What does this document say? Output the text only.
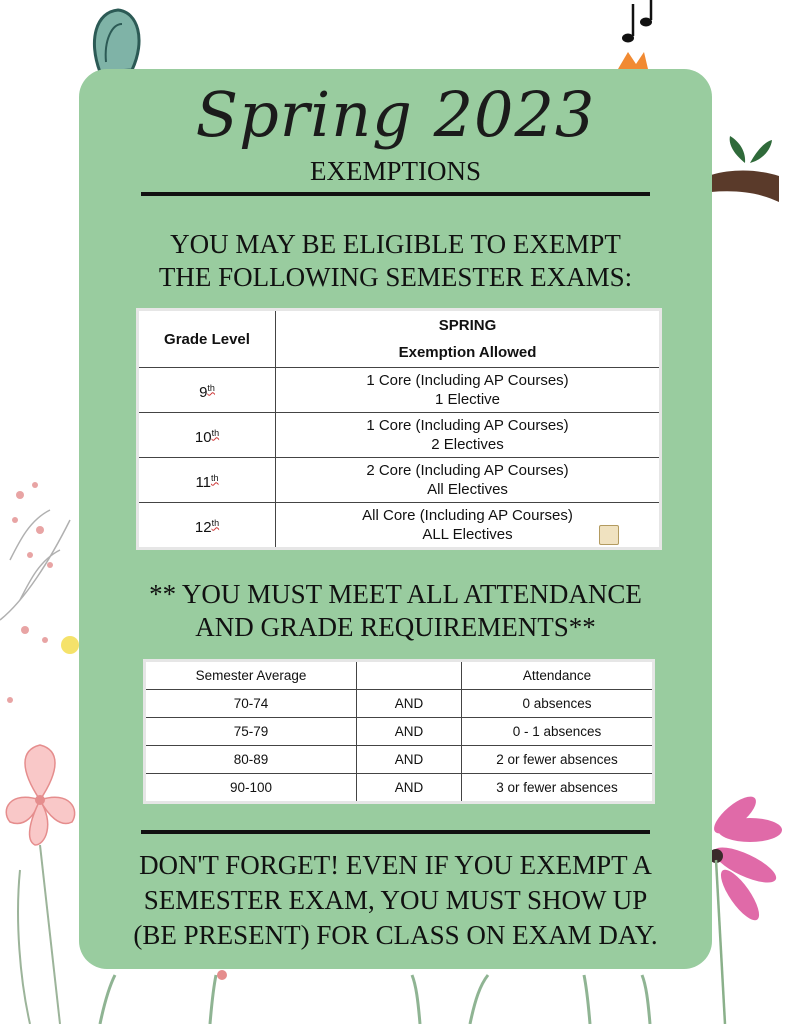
Spring 2023
EXEMPTIONS
YOU MAY BE ELIGIBLE TO EXEMPT
THE FOLLOWING SEMESTER EXAMS:
Grade Level	SPRING
Exemption Allowed

9th	1 Core (Including AP Courses)
1 Elective

10th	1 Core (Including AP Courses)
2 Electives

11th	2 Core (Including AP Courses)
All Electives

12th	All Core (Including AP Courses)
ALL Electives
** YOU MUST MEET ALL ATTENDANCE
AND GRADE REQUIREMENTS**
Semester Average		Attendance
70-74	AND	0 absences
75-79	AND	0 - 1 absences
80-89	AND	2 or fewer absences
90-100	AND	3 or fewer absences
DON'T FORGET! EVEN IF YOU EXEMPT A
SEMESTER EXAM, YOU MUST SHOW UP
(BE PRESENT) FOR CLASS ON EXAM DAY.
